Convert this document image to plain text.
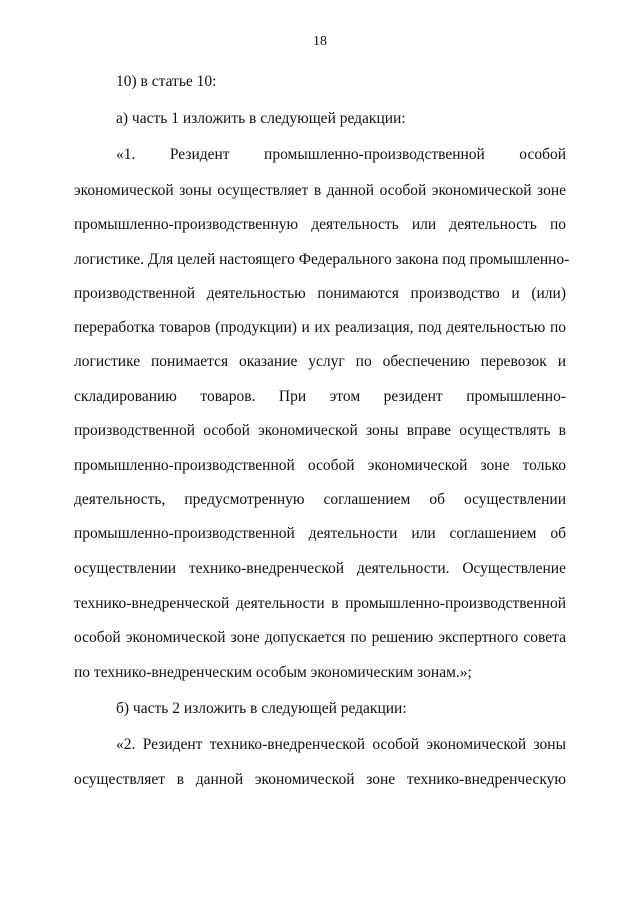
18
10) в статье 10:
а) часть 1 изложить в следующей редакции:
«1. Резидент промышленно-производственной особой
экономической зоны осуществляет в данной особой экономической зоне
промышленно-производственную деятельность или деятельность по
логистике. Для целей настоящего Федерального закона под промышленно-
производственной деятельностью понимаются производство и (или)
переработка товаров (продукции) и их реализация, под деятельностью по
логистике понимается оказание услуг по обеспечению перевозок и
складированию товаров. При этом резидент промышленно-
производственной особой экономической зоны вправе осуществлять в
промышленно-производственной особой экономической зоне только
деятельность, предусмотренную соглашением об осуществлении
промышленно-производственной деятельности или соглашением об
осуществлении технико-внедренческой деятельности. Осуществление
технико-внедренческой деятельности в промышленно-производственной
особой экономической зоне допускается по решению экспертного совета
по технико-внедренческим особым экономическим зонам.»;
б) часть 2 изложить в следующей редакции:
«2. Резидент технико-внедренческой особой экономической зоны
осуществляет в данной экономической зоне технико-внедренческую
